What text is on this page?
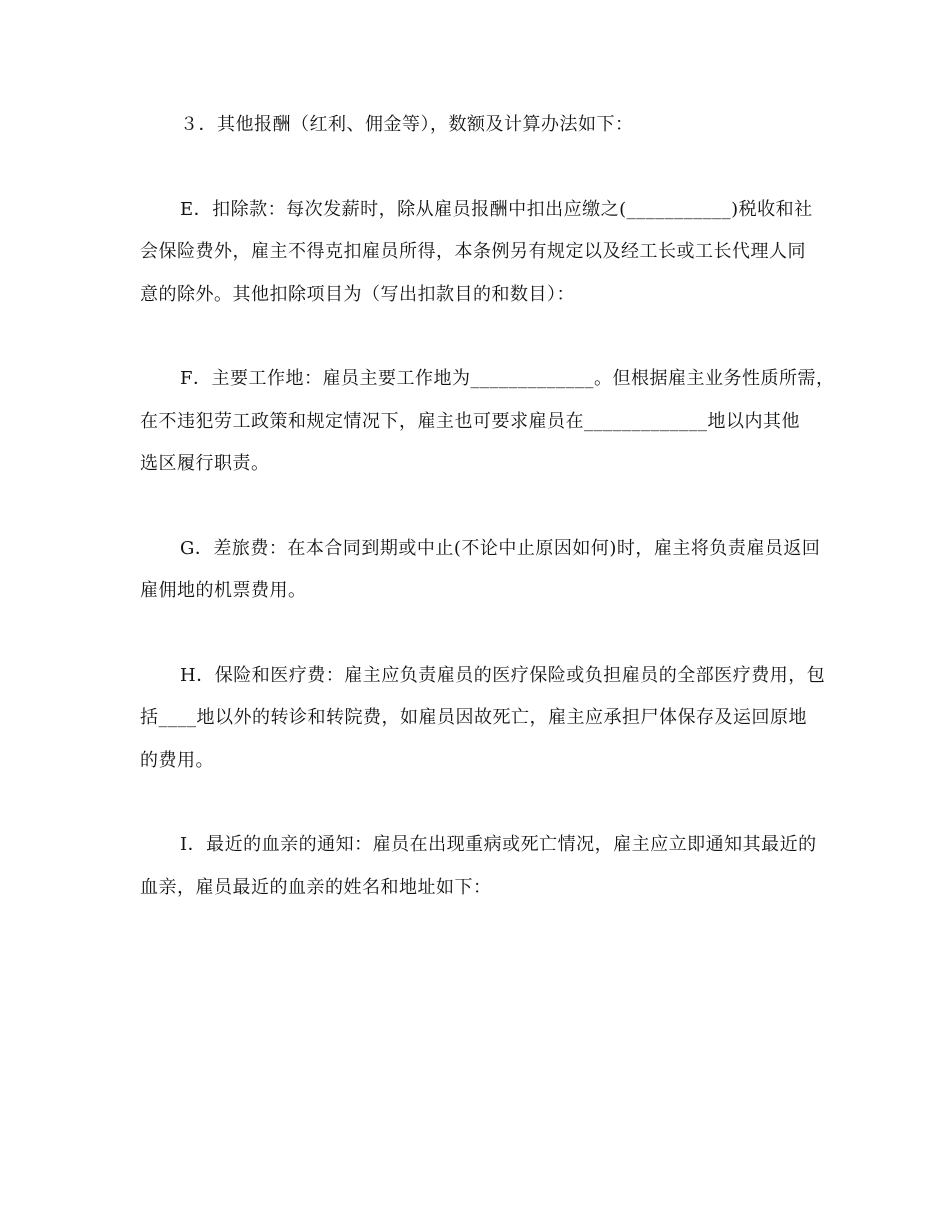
３．其他报酬（红利、佣金等），数额及计算办法如下：
E．扣除款：每次发薪时，除从雇员报酬中扣出应缴之(___________)税收和社
会保险费外，雇主不得克扣雇员所得，本条例另有规定以及经工长或工长代理人同
意的除外。其他扣除项目为（写出扣款目的和数目）：
F．主要工作地：雇员主要工作地为_____________。但根据雇主业务性质所需，
在不违犯劳工政策和规定情况下，雇主也可要求雇员在_____________地以内其他
选区履行职责。
G．差旅费：在本合同到期或中止(不论中止原因如何)时，雇主将负责雇员返回
雇佣地的机票费用。
H．保险和医疗费：雇主应负责雇员的医疗保险或负担雇员的全部医疗费用，包
括____地以外的转诊和转院费，如雇员因故死亡，雇主应承担尸体保存及运回原地
的费用。
I．最近的血亲的通知：雇员在出现重病或死亡情况，雇主应立即通知其最近的
血亲，雇员最近的血亲的姓名和地址如下：
